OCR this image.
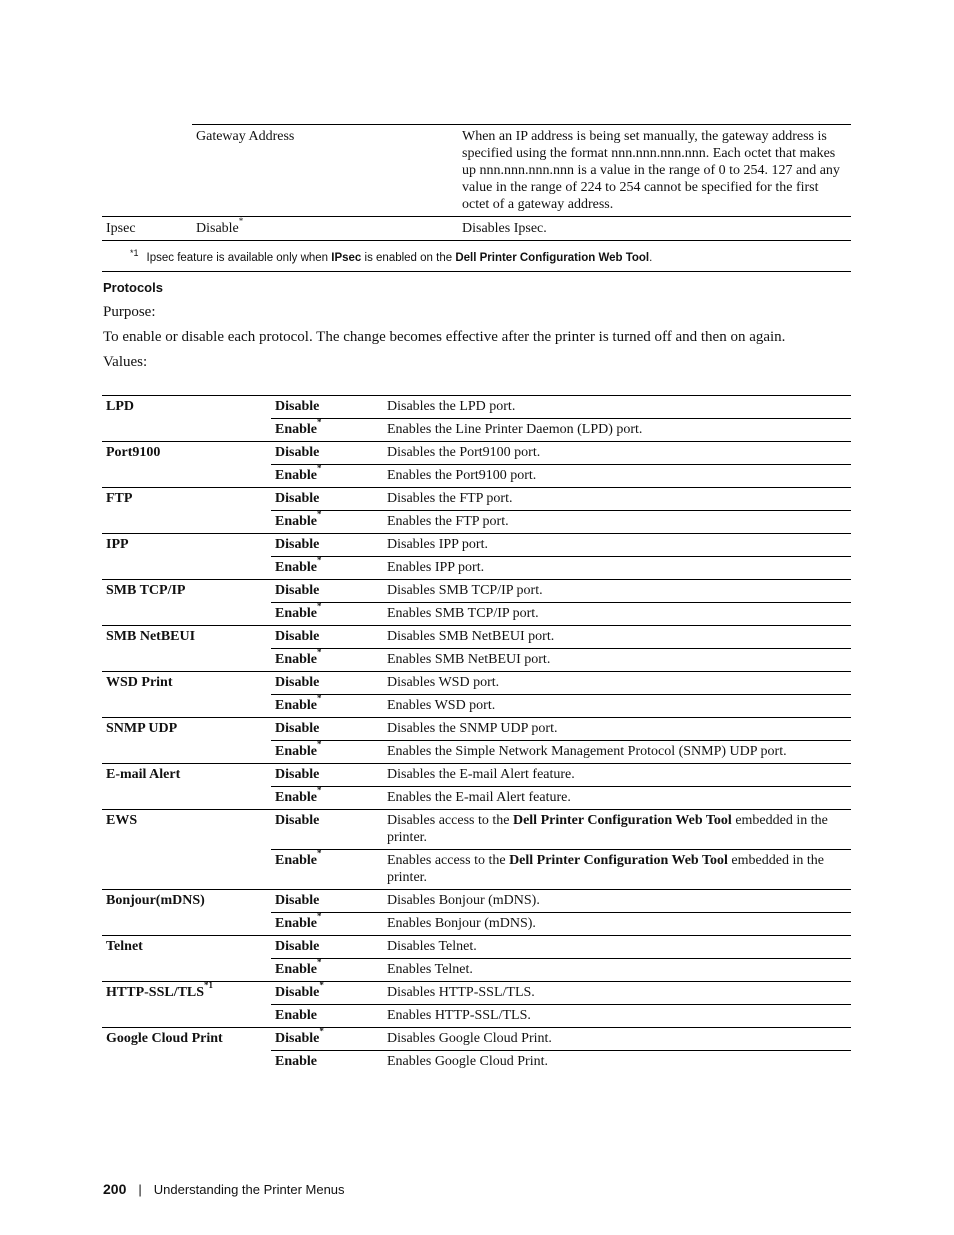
	Gateway Address	When an IP address is being set manually, the gateway address is specified using the format nnn.nnn.nnn.nnn. Each octet that makes up nnn.nnn.nnn.nnn is a value in the range of 0 to 254. 127 and any value in the range of 224 to 254 cannot be specified for the first octet of a gateway address.
Ipsec	Disable*	Disables Ipsec.
$^{*1}$ Ipsec feature is available only when IPsec is enabled on the Dell Printer Configuration Web Tool.		
Protocols
Purpose:
To enable or disable each protocol. The change becomes effective after the printer is turned off and then on again.
Values:
LPD	Disable	Disables the LPD port.
	Enable*	Enables the Line Printer Daemon (LPD) port.
Port9100	Disable	Disables the Port9100 port.
	Enable*	Enables the Port9100 port.
FTP	Disable	Disables the FTP port.
	Enable*	Enables the FTP port.
IPP	Disable	Disables IPP port.
	Enable*	Enables IPP port.
SMB TCP/IP	Disable	Disables SMB TCP/IP port.
	Enable*	Enables SMB TCP/IP port.
SMB NetBEUI	Disable	Disables SMB NetBEUI port.
	Enable*	Enables SMB NetBEUI port.
WSD Print	Disable	Disables WSD port.
	Enable*	Enables WSD port.
SNMP UDP	Disable	Disables the SNMP UDP port.
	Enable*	Enables the Simple Network Management Protocol (SNMP) UDP port.
E-mail Alert	Disable	Disables the E-mail Alert feature.
	Enable*	Enables the E-mail Alert feature.
EWS	Disable	Disables access to the Dell Printer Configuration Web Tool embedded in the printer.
	Enable*	Enables access to the Dell Printer Configuration Web Tool embedded in the printer.
Bonjour(mDNS)	Disable	Disables Bonjour (mDNS).
	Enable*	Enables Bonjour (mDNS).
Telnet	Disable	Disables Telnet.
	Enable*	Enables Telnet.
HTTP-SSL/TLS$^{*1}$	Disable*	Disables HTTP-SSL/TLS.
	Enable	Enables HTTP-SSL/TLS.
Google Cloud Print	Disable*	Disables Google Cloud Print.
	Enable	Enables Google Cloud Print.
200 | Understanding the Printer Menus
